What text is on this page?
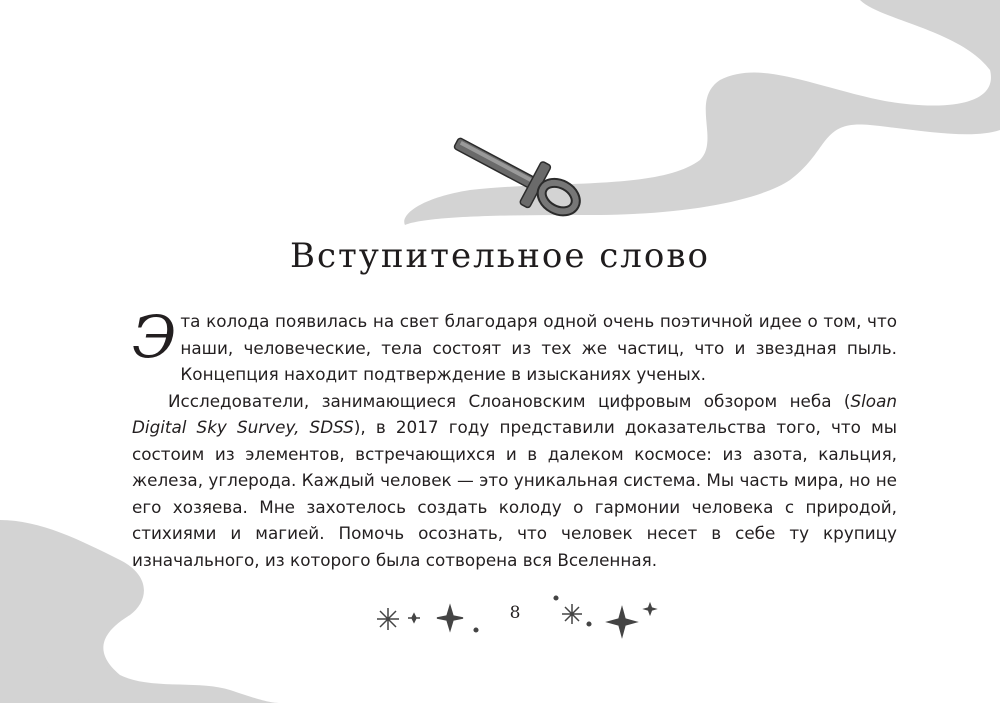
Вступительное слово

Эта колода появилась на свет благодаря одной очень поэтичной идее о том, что наши, человеческие, тела состоят из тех же частиц, что и звездная пыль. Концепция находит подтверждение в изысканиях ученых.

Исследователи, занимающиеся Слоановским цифровым обзором неба (Sloan Digital Sky Survey, SDSS), в 2017 году представили доказательства того, что мы состоим из элементов, встречающихся и в далеком космосе: из азота, кальция, железа, углерода. Каждый человек — это уникальная система. Мы часть мира, но не его хозяева. Мне захотелось создать колоду о гармонии человека с природой, стихиями и магией. Помочь осознать, что человек несет в себе ту крупицу изначального, из которого была сотворена вся Вселенная.

8
